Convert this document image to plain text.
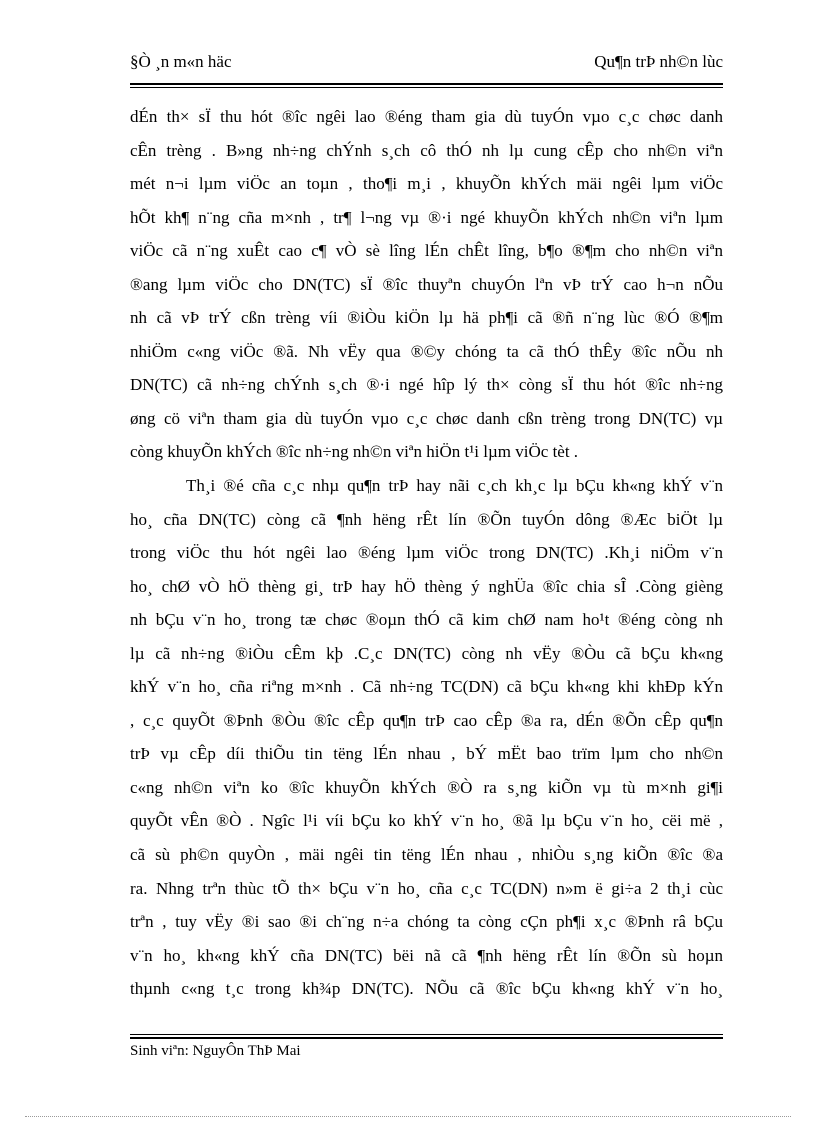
§Ò ¸n m«n häc	Qu¶n trÞ nh©n lùc
dÉn th× sÏ thu hót ®îc ngêi lao ®éng tham gia dù tuyÓn vµo c¸c chøc danh
cÊn trèng . B»ng nh÷ng chÝnh s¸ch cô thÓ nh lµ cung cÊp cho nh©n viªn
mét n¬i lµm viÖc an toµn , tho¶i m¸i , khuyÕn khÝch mäi ngêi lµm viÖc
hÕt kh¶ n¨ng cña m×nh , tr¶ l¬ng vµ ®·i ngé khuyÕn khÝch nh©n viªn lµm
viÖc cã n¨ng xuÊt cao c¶ vÒ sè lîng lÉn chÊt lîng, b¶o ®¶m cho nh©n viªn
®ang lµm viÖc cho DN(TC) sÏ ®îc thuyªn chuyÓn lªn vÞ trÝ cao h¬n nÕu
nh cã vÞ trÝ cßn trèng víi ®iÒu kiÖn lµ hä ph¶i cã ®ñ n¨ng lùc ®Ó ®¶m
nhiÖm c«ng viÖc ®ã. Nh vËy qua ®©y chóng ta cã thÓ thÊy ®îc nÕu nh
DN(TC) cã nh÷ng chÝnh s¸ch ®·i ngé hîp lý th× còng sÏ thu hót ®îc nh÷ng
øng cö viªn tham gia dù tuyÓn vµo c¸c chøc danh cßn trèng trong DN(TC) vµ
còng khuyÕn khÝch ®îc nh÷ng nh©n viªn hiÖn t¹i lµm viÖc tèt .
Th¸i ®é cña c¸c nhµ qu¶n trÞ hay nãi c¸ch kh¸c lµ bÇu kh«ng khÝ v¨n
ho¸ cña DN(TC) còng cã ¶nh hëng rÊt lín ®Õn tuyÓn dông ®Æc biÖt lµ
trong viÖc thu hót ngêi lao ®éng lµm viÖc trong DN(TC) .Kh¸i niÖm v¨n
ho¸ chØ vÒ hÖ thèng gi¸ trÞ hay hÖ thèng ý nghÜa ®îc chia sÎ .Còng gièng
nh bÇu v¨n ho¸ trong tæ chøc ®oµn thÓ cã kim chØ nam ho¹t ®éng còng nh
lµ cã nh÷ng ®iÒu cÊm kþ .C¸c DN(TC) còng nh vËy ®Òu cã bÇu kh«ng
khÝ v¨n ho¸ cña riªng m×nh . Cã nh÷ng TC(DN) cã bÇu kh«ng khi khÐp kÝn
, c¸c quyÕt ®Þnh ®Òu ®îc cÊp qu¶n trÞ cao cÊp ®a ra, dÉn ®Õn cÊp qu¶n
trÞ vµ cÊp díi thiÕu tin tëng lÉn nhau , bÝ mËt bao trïm lµm cho nh©n
c«ng nh©n viªn ko ®îc khuyÕn khÝch ®Ò ra s¸ng kiÕn vµ tù m×nh gi¶i
quyÕt vÊn ®Ò . Ngîc l¹i víi bÇu ko khÝ v¨n ho¸ ®ã lµ bÇu v¨n ho¸ cëi më ,
cã sù ph©n quyÒn , mäi ngêi tin tëng lÉn nhau , nhiÒu s¸ng kiÕn ®îc ®a
ra. Nhng trªn thùc tÕ th× bÇu v¨n ho¸ cña c¸c TC(DN) n»m ë gi÷a 2 th¸i cùc
trªn , tuy vËy ®i sao ®i ch¨ng n÷a chóng ta còng cÇn ph¶i x¸c ®Þnh râ bÇu
v¨n ho¸ kh«ng khÝ cña DN(TC) bëi nã cã ¶nh hëng rÊt lín ®Õn sù hoµn
thµnh c«ng t¸c trong kh¾p DN(TC). NÕu cã ®îc bÇu kh«ng khÝ v¨n ho¸
Sinh viªn: NguyÔn ThÞ Mai
